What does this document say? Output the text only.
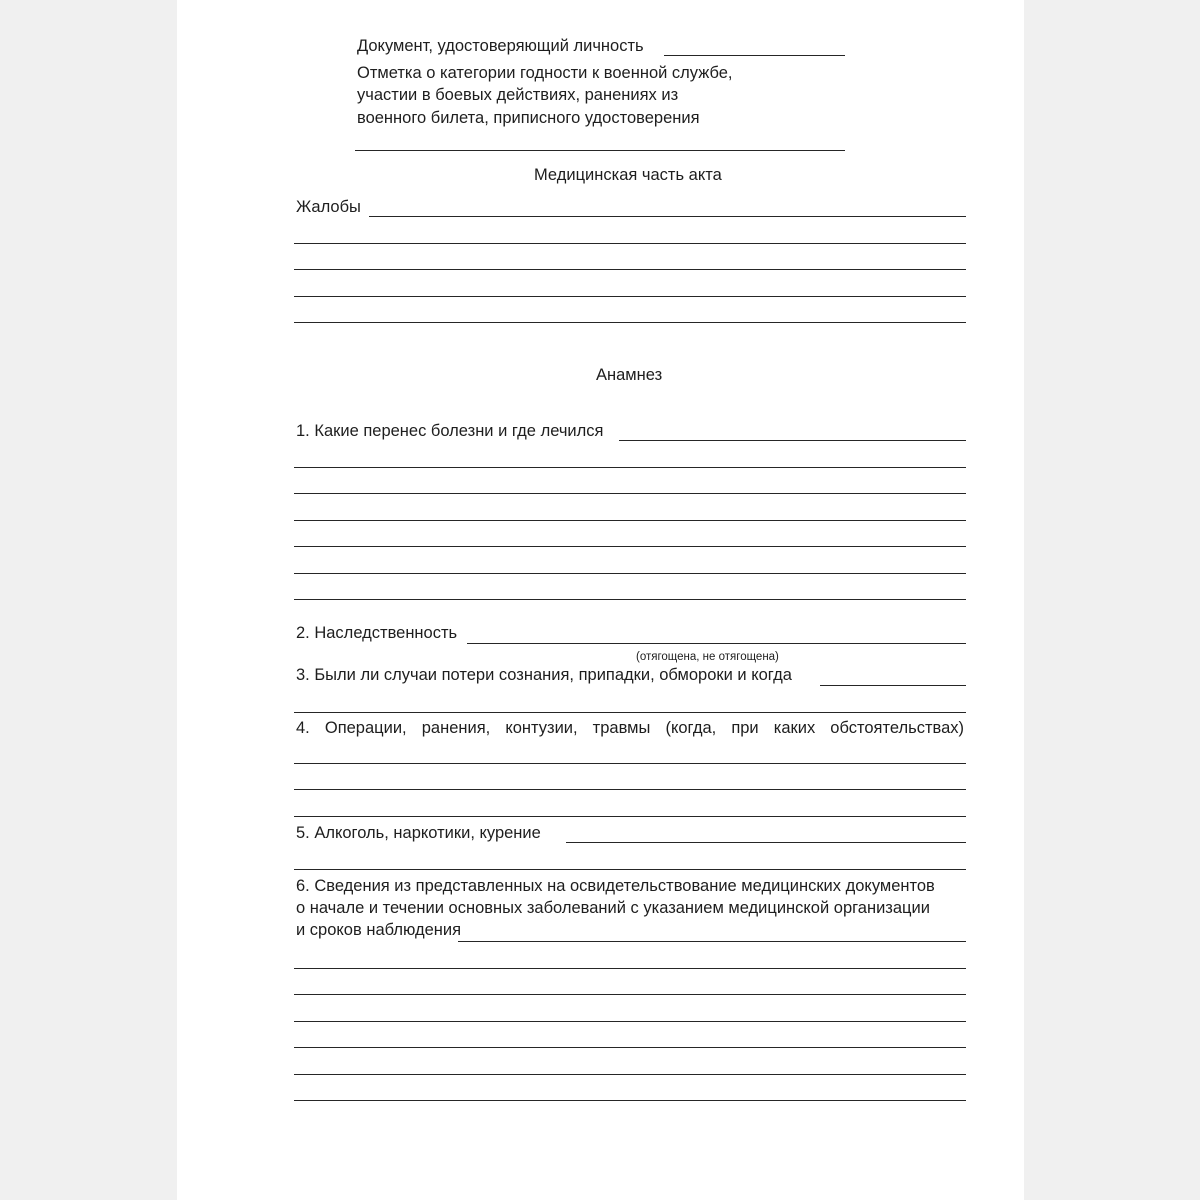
Документ, удостоверяющий личность
Отметка о категории годности к военной службе,
участии в боевых действиях, ранениях из
военного билета, приписного удостоверения
Медицинская часть акта
Жалобы
Анамнез
1. Какие перенес болезни и где лечился
2. Наследственность
(отягощена, не отягощена)
3. Были ли случаи потери сознания, припадки, обмороки и когда
4. Операции, ранения, контузии, травмы (когда, при каких обстоятельствах)
5. Алкоголь, наркотики, курение
6. Сведения из представленных на освидетельствование медицинских документов
о начале и течении основных заболеваний с указанием медицинской организации
и сроков наблюдения
